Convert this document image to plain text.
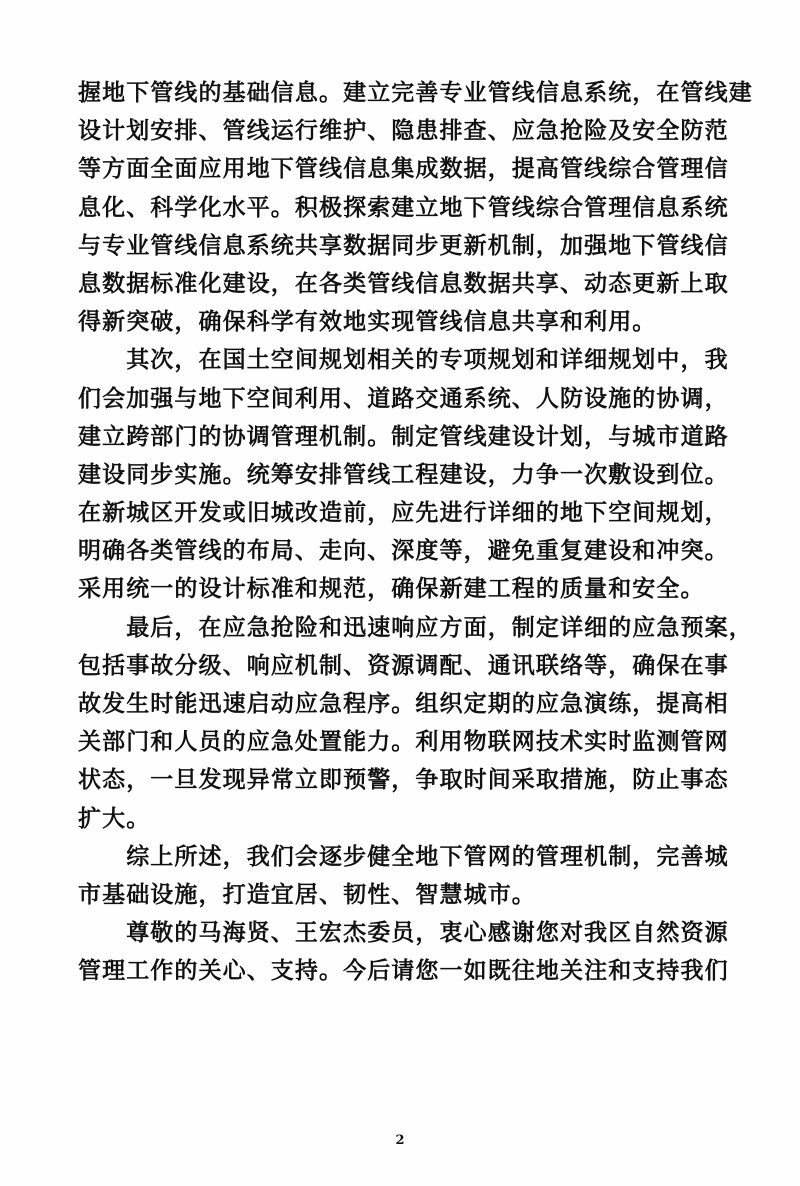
握地下管线的基础信息。建立完善专业管线信息系统，在管线建
设计划安排、管线运行维护、隐患排查、应急抢险及安全防范
等方面全面应用地下管线信息集成数据，提高管线综合管理信
息化、科学化水平。积极探索建立地下管线综合管理信息系统
与专业管线信息系统共享数据同步更新机制，加强地下管线信
息数据标准化建设，在各类管线信息数据共享、动态更新上取
得新突破，确保科学有效地实现管线信息共享和利用。
　　其次，在国土空间规划相关的专项规划和详细规划中，我
们会加强与地下空间利用、道路交通系统、人防设施的协调，
建立跨部门的协调管理机制。制定管线建设计划，与城市道路
建设同步实施。统筹安排管线工程建设，力争一次敷设到位。
在新城区开发或旧城改造前，应先进行详细的地下空间规划，
明确各类管线的布局、走向、深度等，避免重复建设和冲突。
采用统一的设计标准和规范，确保新建工程的质量和安全。
　　最后，在应急抢险和迅速响应方面，制定详细的应急预案，
包括事故分级、响应机制、资源调配、通讯联络等，确保在事
故发生时能迅速启动应急程序。组织定期的应急演练，提高相
关部门和人员的应急处置能力。利用物联网技术实时监测管网
状态，一旦发现异常立即预警，争取时间采取措施，防止事态
扩大。
　　综上所述，我们会逐步健全地下管网的管理机制，完善城
市基础设施，打造宜居、韧性、智慧城市。
　　尊敬的马海贤、王宏杰委员，衷心感谢您对我区自然资源
管理工作的关心、支持。今后请您一如既往地关注和支持我们
2
